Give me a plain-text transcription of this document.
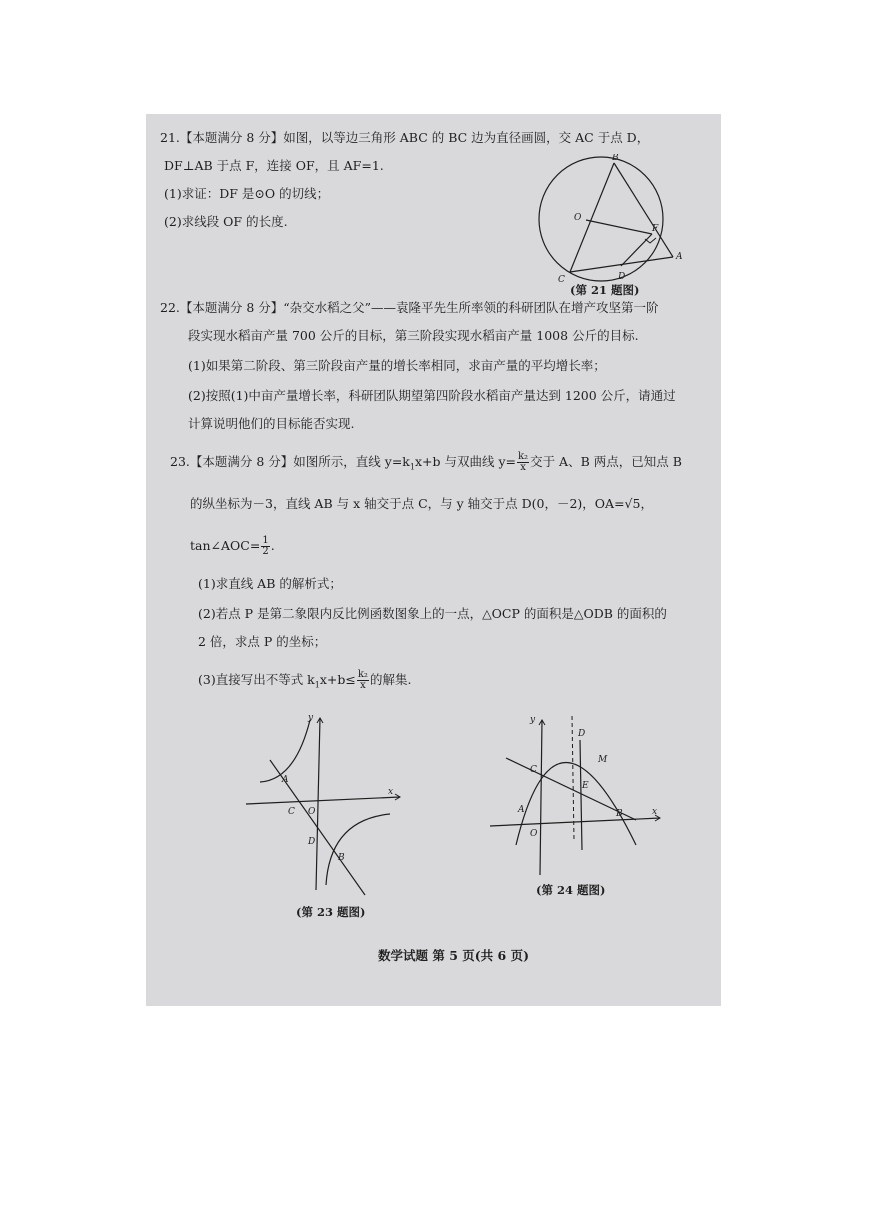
21.【本题满分 8 分】如图，以等边三角形 ABC 的 BC 边为直径画圆，交 AC 于点 D，
DF⊥AB 于点 F，连接 OF，且 AF=1.
(1)求证：DF 是⊙O 的切线；
(2)求线段 OF 的长度.
B
O
F
A
C	D
(第 21 题图)
22.【本题满分 8 分】“杂交水稻之父”——袁隆平先生所率领的科研团队在增产攻坚第一阶
段实现水稻亩产量 700 公斤的目标，第三阶段实现水稻亩产量 1008 公斤的目标.
(1)如果第二阶段、第三阶段亩产量的增长率相同，求亩产量的平均增长率；
(2)按照(1)中亩产量增长率，科研团队期望第四阶段水稻亩产量达到 1200 公斤，请通过
计算说明他们的目标能否实现.
23.【本题满分 8 分】如图所示，直线 $y=k_1x+b$ 与双曲线 $y= \frac{\text{k₂}}{x}$ 交于 A、B 两点，已知点 B
的纵坐标为－3，直线 AB 与 x 轴交于点 C，与 y 轴交于点 D(0，－2)，OA=√5，
tan∠AOC= $\frac{1}{2}$ .
(1)求直线 AB 的解析式；
(2)若点 P 是第二象限内反比例函数图象上的一点，△OCP 的面积是△ODB 的面积的
2 倍，求点 P 的坐标；
(3)直接写出不等式 $k_1x+b\le \frac{\text{k₂}}{x}$ 的解集.
x
y
A
C O
D
B
(第 23 题图)
x
y
D
M
C
E
A
O
B
(第 24 题图)
数学试题 第 5 页(共 6 页)
